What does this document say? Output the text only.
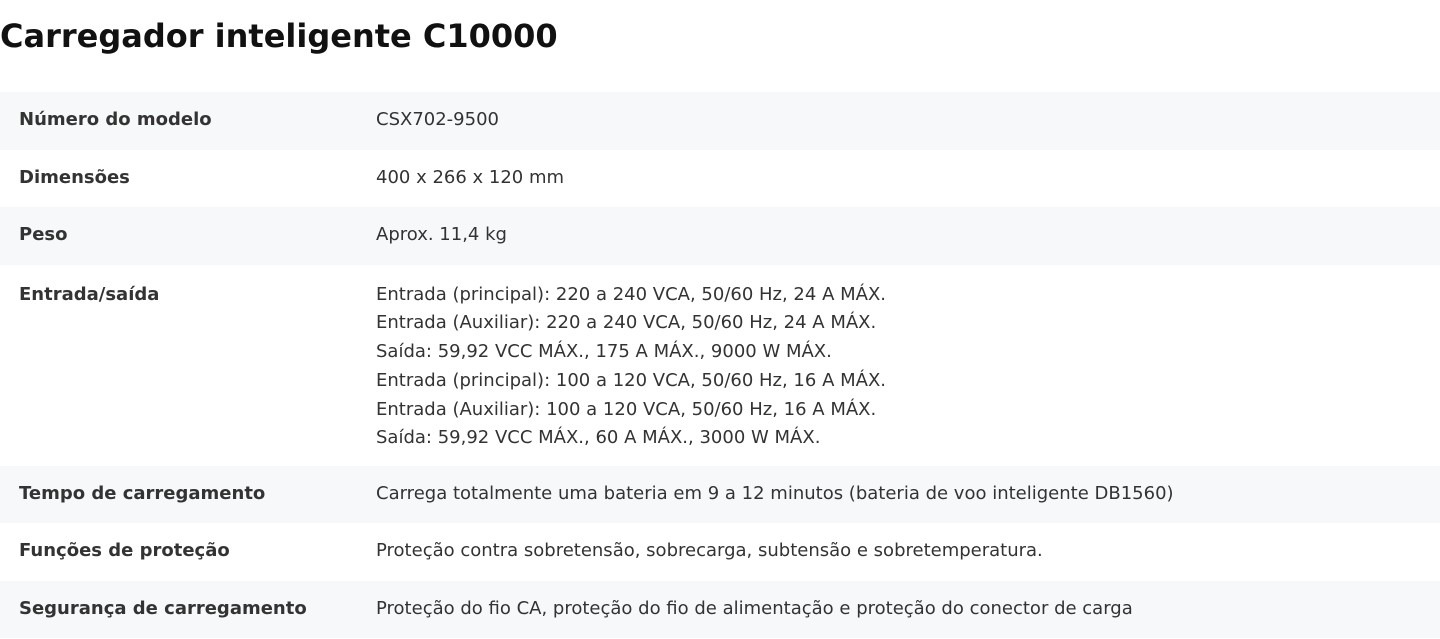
Carregador inteligente C10000
Número do modelo	CSX702-9500
Dimensões	400 x 266 x 120 mm
Peso	Aprox. 11,4 kg
Entrada/saída	Entrada (principal): 220 a 240 VCA, 50/60 Hz, 24 A MÁX.
Entrada (Auxiliar): 220 a 240 VCA, 50/60 Hz, 24 A MÁX.
Saída: 59,92 VCC MÁX., 175 A MÁX., 9000 W MÁX.
Entrada (principal): 100 a 120 VCA, 50/60 Hz, 16 A MÁX.
Entrada (Auxiliar): 100 a 120 VCA, 50/60 Hz, 16 A MÁX.
Saída: 59,92 VCC MÁX., 60 A MÁX., 3000 W MÁX.
Tempo de carregamento	Carrega totalmente uma bateria em 9 a 12 minutos (bateria de voo inteligente DB1560)
Funções de proteção	Proteção contra sobretensão, sobrecarga, subtensão e sobretemperatura.
Segurança de carregamento	Proteção do fio CA, proteção do fio de alimentação e proteção do conector de carga
